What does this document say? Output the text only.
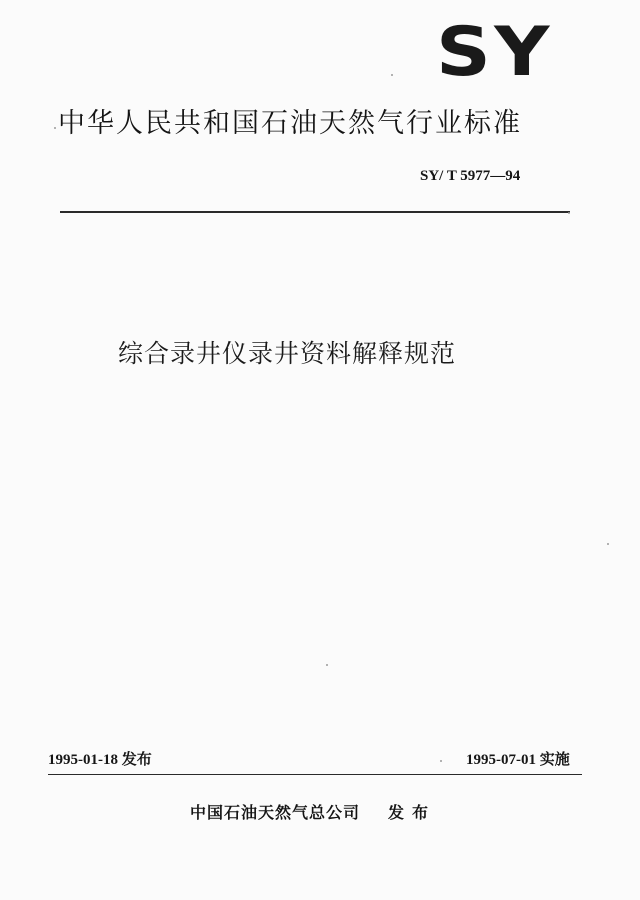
SY
中华人民共和国石油天然气行业标准
SY/ T 5977—94
综合录井仪录井资料解释规范
1995-01-18 发布	1995-07-01 实施
中国石油天然气总公司 发布
